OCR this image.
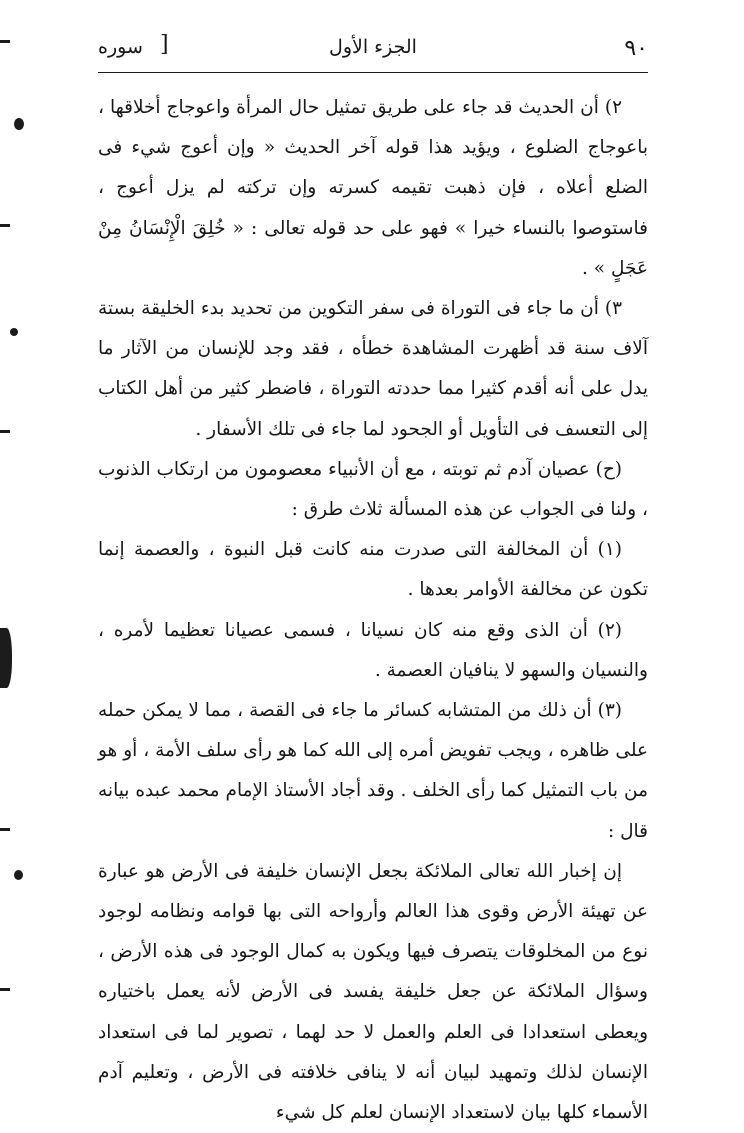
٩٠
الجزء الأول
[
سوره

٢) أن الحديث قد جاء على طريق تمثيل حال المرأة واعوجاج أخلاقها ، باعوجاج الضلوع ، ويؤيد هذا قوله آخر الحديث « وإن أعوج شيء فى الضلع أعلاه ، فإن ذهبت تقيمه كسرته وإن تركته لم يزل أعوج ، فاستوصوا بالنساء خيرا » فهو على حد قوله تعالى : « خُلِقَ الْإِنْسَانُ مِنْ عَجَلٍ » .

٣) أن ما جاء فى التوراة فى سفر التكوين من تحديد بدء الخليقة بستة آلاف سنة قد أظهرت المشاهدة خطأه ، فقد وجد للإنسان من الآثار ما يدل على أنه أقدم كثيرا مما حددته التوراة ، فاضطر كثير من أهل الكتاب إلى التعسف فى التأويل أو الجحود لما جاء فى تلك الأسفار .

(ح) عصيان آدم ثم توبته ، مع أن الأنبياء معصومون من ارتكاب الذنوب ، ولنا فى الجواب عن هذه المسألة ثلاث طرق :

(١) أن المخالفة التى صدرت منه كانت قبل النبوة ، والعصمة إنما تكون عن مخالفة الأوامر بعدها .

(٢) أن الذى وقع منه كان نسيانا ، فسمى عصيانا تعظيما لأمره ، والنسيان والسهو لا ينافيان العصمة .

(٣) أن ذلك من المتشابه كسائر ما جاء فى القصة ، مما لا يمكن حمله على ظاهره ، ويجب تفويض أمره إلى الله كما هو رأى سلف الأمة ، أو هو من باب التمثيل كما رأى الخلف . وقد أجاد الأستاذ الإمام محمد عبده بيانه قال :

إن إخبار الله تعالى الملائكة بجعل الإنسان خليفة فى الأرض هو عبارة عن تهيئة الأرض وقوى هذا العالم وأرواحه التى بها قوامه ونظامه لوجود نوع من المخلوقات يتصرف فيها ويكون به كمال الوجود فى هذه الأرض ، وسؤال الملائكة عن جعل خليفة يفسد فى الأرض لأنه يعمل باختياره ويعطى استعدادا فى العلم والعمل لا حد لهما ، تصوير لما فى استعداد الإنسان لذلك وتمهيد لبيان أنه لا ينافى خلافته فى الأرض ، وتعليم آدم الأسماء كلها بيان لاستعداد الإنسان لعلم كل شيء
